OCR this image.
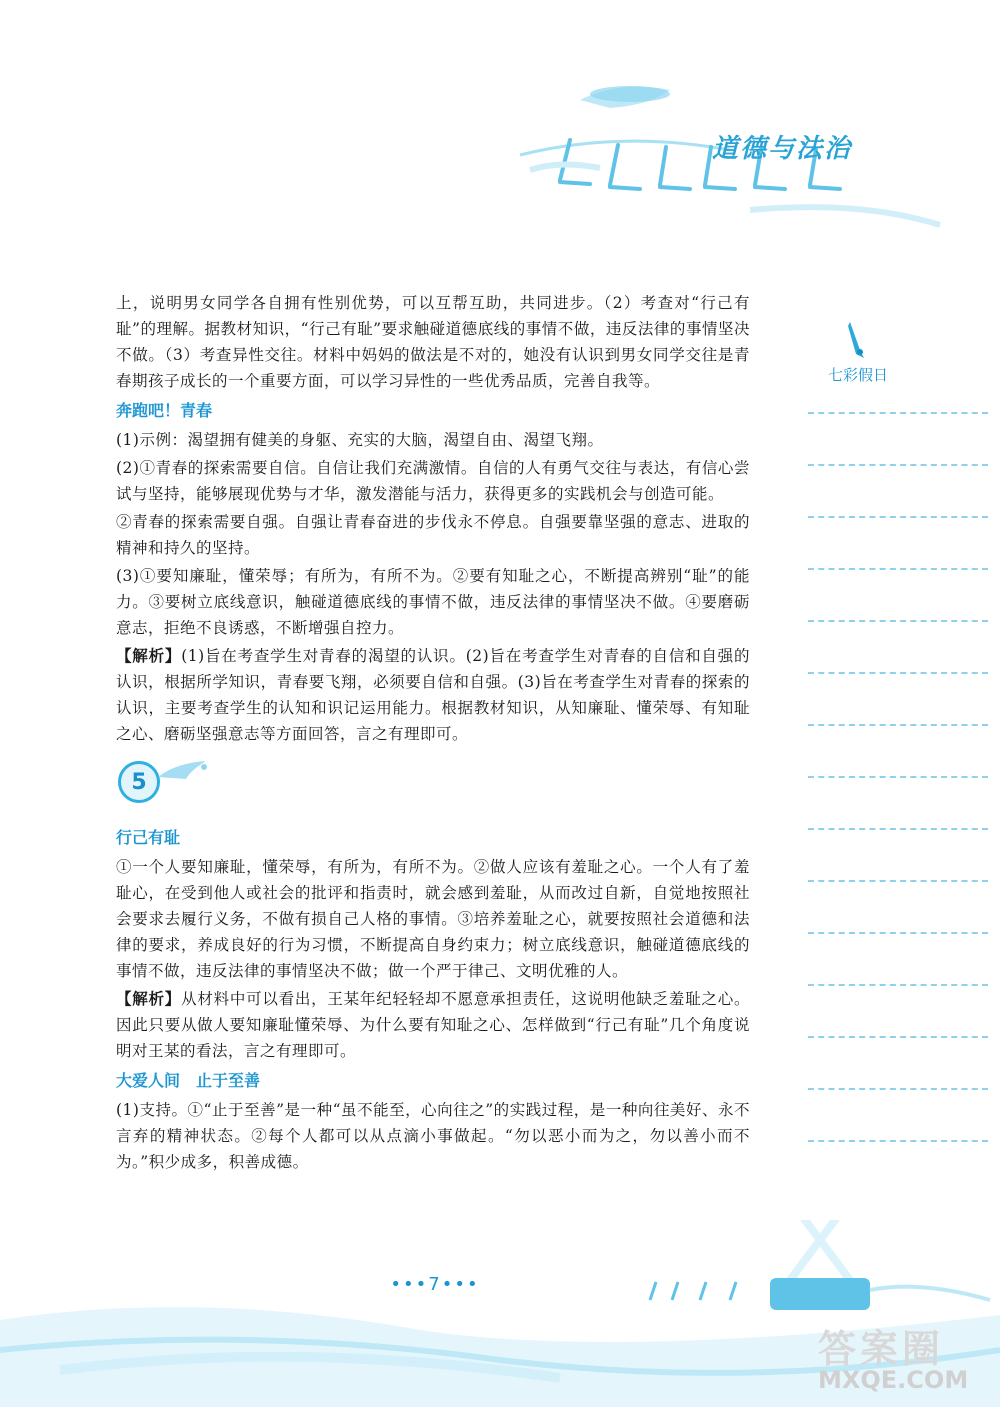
道德与法治
七彩假日

上，说明男女同学各自拥有性别优势，可以互帮互助，共同进步。（2）考查对“行己有耻”的理解。据教材知识，“行己有耻”要求触碰道德底线的事情不做，违反法律的事情坚决不做。（3）考查异性交往。材料中妈妈的做法是不对的，她没有认识到男女同学交往是青春期孩子成长的一个重要方面，可以学习异性的一些优秀品质，完善自我等。

奔跑吧！青春

(1)示例：渴望拥有健美的身躯、充实的大脑，渴望自由、渴望飞翔。

(2)①青春的探索需要自信。自信让我们充满激情。自信的人有勇气交往与表达，有信心尝试与坚持，能够展现优势与才华，激发潜能与活力，获得更多的实践机会与创造可能。

②青春的探索需要自强。自强让青春奋进的步伐永不停息。自强要靠坚强的意志、进取的精神和持久的坚持。

(3)①要知廉耻，懂荣辱；有所为，有所不为。②要有知耻之心，不断提高辨别“耻”的能力。③要树立底线意识，触碰道德底线的事情不做，违反法律的事情坚决不做。④要磨砺意志，拒绝不良诱惑，不断增强自控力。

【解析】(1)旨在考查学生对青春的渴望的认识。(2)旨在考查学生对青春的自信和自强的认识，根据所学知识，青春要飞翔，必须要自信和自强。(3)旨在考查学生对青春的探索的认识，主要考查学生的认知和识记运用能力。根据教材知识，从知廉耻、懂荣辱、有知耻之心、磨砺坚强意志等方面回答，言之有理即可。

5
行己有耻

①一个人要知廉耻，懂荣辱，有所为，有所不为。②做人应该有羞耻之心。一个人有了羞耻心，在受到他人或社会的批评和指责时，就会感到羞耻，从而改过自新，自觉地按照社会要求去履行义务，不做有损自己人格的事情。③培养羞耻之心，就要按照社会道德和法律的要求，养成良好的行为习惯，不断提高自身约束力；树立底线意识，触碰道德底线的事情不做，违反法律的事情坚决不做；做一个严于律己、文明优雅的人。

【解析】从材料中可以看出，王某年纪轻轻却不愿意承担责任，这说明他缺乏羞耻之心。因此只要从做人要知廉耻懂荣辱、为什么要有知耻之心、怎样做到“行己有耻”几个角度说明对王某的看法，言之有理即可。

大爱人间　止于至善

(1)支持。①“止于至善”是一种“虽不能至，心向往之”的实践过程，是一种向往美好、永不言弃的精神状态。②每个人都可以从点滴小事做起。“勿以恶小而为之，勿以善小而不为。”积少成多，积善成德。

•••7•••
答案圈
MXQE.COM
